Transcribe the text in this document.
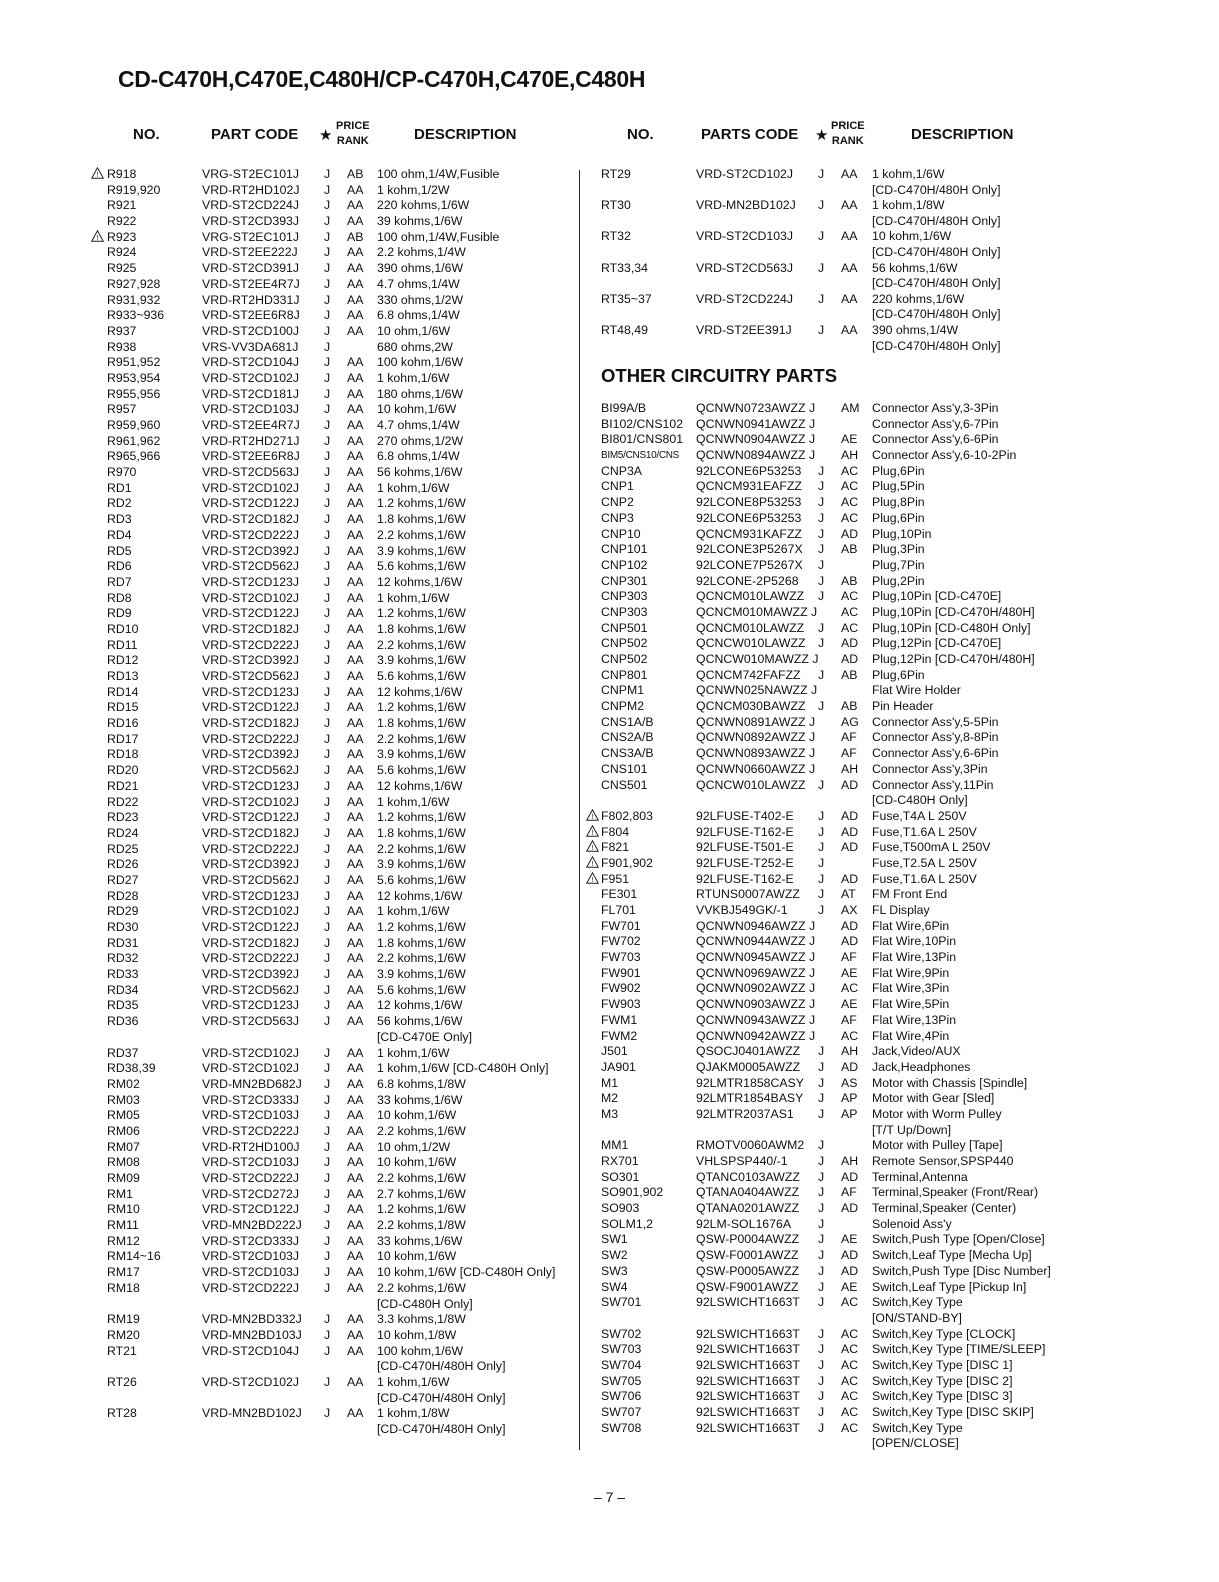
CD-C470H,C470E,C480H/CP-C470H,C470E,C480H
NO.	PART CODE ★
PRICE
RANK	DESCRIPTION	NO.	PARTS CODE ★
PRICE
RANK	DESCRIPTION
! R918	VRG-ST2EC101J J AB 100 ohm,1/4W,Fusible
R919,920	VRD-RT2HD102J J AA 1 kohm,1/2W
R921	VRD-ST2CD224J J AA 220 kohms,1/6W
R922	VRD-ST2CD393J J AA 39 kohms,1/6W
! R923	VRG-ST2EC101J J AB 100 ohm,1/4W,Fusible
R924	VRD-ST2EE222J J AA 2.2 kohms,1/4W
R925	VRD-ST2CD391J J AA 390 ohms,1/6W
R927,928	VRD-ST2EE4R7J J AA 4.7 ohms,1/4W
R931,932	VRD-RT2HD331J J AA 330 ohms,1/2W
R933~936	VRD-ST2EE6R8J J AA 6.8 ohms,1/4W
R937	VRD-ST2CD100J J AA 10 ohm,1/6W
R938	VRS-VV3DA681J J	680 ohms,2W
R951,952	VRD-ST2CD104J J AA 100 kohm,1/6W
R953,954	VRD-ST2CD102J J AA 1 kohm,1/6W
R955,956	VRD-ST2CD181J J AA 180 ohms,1/6W
R957	VRD-ST2CD103J J AA 10 kohm,1/6W
R959,960	VRD-ST2EE4R7J J AA 4.7 ohms,1/4W
R961,962	VRD-RT2HD271J J AA 270 ohms,1/2W
R965,966	VRD-ST2EE6R8J J AA 6.8 ohms,1/4W
R970	VRD-ST2CD563J J AA 56 kohms,1/6W
RD1	VRD-ST2CD102J J AA 1 kohm,1/6W
RD2	VRD-ST2CD122J J AA 1.2 kohms,1/6W
RD3	VRD-ST2CD182J J AA 1.8 kohms,1/6W
RD4	VRD-ST2CD222J J AA 2.2 kohms,1/6W
RD5	VRD-ST2CD392J J AA 3.9 kohms,1/6W
RD6	VRD-ST2CD562J J AA 5.6 kohms,1/6W
RD7	VRD-ST2CD123J J AA 12 kohms,1/6W
RD8	VRD-ST2CD102J J AA 1 kohm,1/6W
RD9	VRD-ST2CD122J J AA 1.2 kohms,1/6W
RD10	VRD-ST2CD182J J AA 1.8 kohms,1/6W
RD11	VRD-ST2CD222J J AA 2.2 kohms,1/6W
RD12	VRD-ST2CD392J J AA 3.9 kohms,1/6W
RD13	VRD-ST2CD562J J AA 5.6 kohms,1/6W
RD14	VRD-ST2CD123J J AA 12 kohms,1/6W
RD15	VRD-ST2CD122J J AA 1.2 kohms,1/6W
RD16	VRD-ST2CD182J J AA 1.8 kohms,1/6W
RD17	VRD-ST2CD222J J AA 2.2 kohms,1/6W
RD18	VRD-ST2CD392J J AA 3.9 kohms,1/6W
RD20	VRD-ST2CD562J J AA 5.6 kohms,1/6W
RD21	VRD-ST2CD123J J AA 12 kohms,1/6W
RD22	VRD-ST2CD102J J AA 1 kohm,1/6W
RD23	VRD-ST2CD122J J AA 1.2 kohms,1/6W
RD24	VRD-ST2CD182J J AA 1.8 kohms,1/6W
RD25	VRD-ST2CD222J J AA 2.2 kohms,1/6W
RD26	VRD-ST2CD392J J AA 3.9 kohms,1/6W
RD27	VRD-ST2CD562J J AA 5.6 kohms,1/6W
RD28	VRD-ST2CD123J J AA 12 kohms,1/6W
RD29	VRD-ST2CD102J J AA 1 kohm,1/6W
RD30	VRD-ST2CD122J J AA 1.2 kohms,1/6W
RD31	VRD-ST2CD182J J AA 1.8 kohms,1/6W
RD32	VRD-ST2CD222J J AA 2.2 kohms,1/6W
RD33	VRD-ST2CD392J J AA 3.9 kohms,1/6W
RD34	VRD-ST2CD562J J AA 5.6 kohms,1/6W
RD35	VRD-ST2CD123J J AA 12 kohms,1/6W
RD36	VRD-ST2CD563J J AA 56 kohms,1/6W
[CD-C470E Only]
RD37	VRD-ST2CD102J J AA 1 kohm,1/6W
RD38,39	VRD-ST2CD102J J AA 1 kohm,1/6W [CD-C480H Only]
RM02	VRD-MN2BD682J J AA 6.8 kohms,1/8W
RM03	VRD-ST2CD333J J AA 33 kohms,1/6W
RM05	VRD-ST2CD103J J AA 10 kohm,1/6W
RM06	VRD-ST2CD222J J AA 2.2 kohms,1/6W
RM07	VRD-RT2HD100J J AA 10 ohm,1/2W
RM08	VRD-ST2CD103J J AA 10 kohm,1/6W
RM09	VRD-ST2CD222J J AA 2.2 kohms,1/6W
RM1	VRD-ST2CD272J J AA 2.7 kohms,1/6W
RM10	VRD-ST2CD122J J AA 1.2 kohms,1/6W
RM11	VRD-MN2BD222J J AA 2.2 kohms,1/8W
RM12	VRD-ST2CD333J J AA 33 kohms,1/6W
RM14~16	VRD-ST2CD103J J AA 10 kohm,1/6W
RM17	VRD-ST2CD103J J AA 10 kohm,1/6W [CD-C480H Only]
RM18	VRD-ST2CD222J J AA 2.2 kohms,1/6W
[CD-C480H Only]
RM19	VRD-MN2BD332J J AA 3.3 kohms,1/8W
RM20	VRD-MN2BD103J J AA 10 kohm,1/8W
RT21	VRD-ST2CD104J J AA 100 kohm,1/6W
[CD-C470H/480H Only]
RT26	VRD-ST2CD102J J AA 1 kohm,1/6W
[CD-C470H/480H Only]
RT28	VRD-MN2BD102J J AA 1 kohm,1/8W
[CD-C470H/480H Only]
RT29	VRD-ST2CD102J J AA 1 kohm,1/6W
[CD-C470H/480H Only]
RT30	VRD-MN2BD102J J AA 1 kohm,1/8W
[CD-C470H/480H Only]
RT32	VRD-ST2CD103J J AA 10 kohm,1/6W
[CD-C470H/480H Only]
RT33,34	VRD-ST2CD563J J AA 56 kohms,1/6W
[CD-C470H/480H Only]
RT35~37	VRD-ST2CD224J J AA 220 kohms,1/6W
[CD-C470H/480H Only]
RT48,49	VRD-ST2EE391J J AA 390 ohms,1/4W
[CD-C470H/480H Only]
OTHER CIRCUITRY PARTS
BI99A/B	QCNWN0723AWZZ J AM Connector Ass'y,3-3Pin
BI102/CNS102 QCNWN0941AWZZ J	Connector Ass'y,6-7Pin
BI801/CNS801 QCNWN0904AWZZ J AE Connector Ass'y,6-6Pin
BIM5/CNS10/CNS QCNWN0894AWZZ J AH Connector Ass'y,6-10-2Pin
CNP3A	92LCONE6P53253 J AC Plug,6Pin
CNP1	QCNCM931EAFZZ J AC Plug,5Pin
CNP2	92LCONE8P53253 J AC Plug,8Pin
CNP3	92LCONE6P53253 J AC Plug,6Pin
CNP10	QCNCM931KAFZZ J AD Plug,10Pin
CNP101	92LCONE3P5267X J AB Plug,3Pin
CNP102	92LCONE7P5267X J	Plug,7Pin
CNP301	92LCONE-2P5268 J AB Plug,2Pin
CNP303	QCNCM010LAWZZ J AC Plug,10Pin [CD-C470E]
CNP303	QCNCM010MAWZZ J AC Plug,10Pin [CD-C470H/480H]
CNP501	QCNCM010LAWZZ J AC Plug,10Pin [CD-C480H Only]
CNP502	QCNCW010LAWZZ J AD Plug,12Pin [CD-C470E]
CNP502	QCNCW010MAWZZ J AD Plug,12Pin [CD-C470H/480H]
CNP801	QCNCM742FAFZZ J AB Plug,6Pin
CNPM1	QCNWN025NAWZZ J	Flat Wire Holder
CNPM2	QCNCM030BAWZZ J AB Pin Header
CNS1A/B	QCNWN0891AWZZ J AG Connector Ass'y,5-5Pin
CNS2A/B	QCNWN0892AWZZ J AF Connector Ass'y,8-8Pin
CNS3A/B	QCNWN0893AWZZ J AF Connector Ass'y,6-6Pin
CNS101	QCNWN0660AWZZ J AH Connector Ass'y,3Pin
CNS501	QCNCW010LAWZZ J AD Connector Ass'y,11Pin
[CD-C480H Only]
! F802,803	92LFUSE-T402-E J AD Fuse,T4A L 250V
! F804	92LFUSE-T162-E J AD Fuse,T1.6A L 250V
! F821	92LFUSE-T501-E J AD Fuse,T500mA L 250V
! F901,902	92LFUSE-T252-E J	Fuse,T2.5A L 250V
! F951	92LFUSE-T162-E J AD Fuse,T1.6A L 250V
FE301	RTUNS0007AWZZ J AT FM Front End
FL701	VVKBJ549GK/-1 J AX FL Display
FW701	QCNWN0946AWZZ J AD Flat Wire,6Pin
FW702	QCNWN0944AWZZ J AD Flat Wire,10Pin
FW703	QCNWN0945AWZZ J AF Flat Wire,13Pin
FW901	QCNWN0969AWZZ J AE Flat Wire,9Pin
FW902	QCNWN0902AWZZ J AC Flat Wire,3Pin
FW903	QCNWN0903AWZZ J AE Flat Wire,5Pin
FWM1	QCNWN0943AWZZ J AF Flat Wire,13Pin
FWM2	QCNWN0942AWZZ J AC Flat Wire,4Pin
J501	QSOCJ0401AWZZ J AH Jack,Video/AUX
JA901	QJAKM0005AWZZ J AD Jack,Headphones
M1	92LMTR1858CASY J AS Motor with Chassis [Spindle]
M2	92LMTR1854BASY J AP Motor with Gear [Sled]
M3	92LMTR2037AS1 J AP Motor with Worm Pulley
[T/T Up/Down]
MM1	RMOTV0060AWM2 J	Motor with Pulley [Tape]
RX701	VHLSPSP440/-1 J AH Remote Sensor,SPSP440
SO301	QTANC0103AWZZ J AD Terminal,Antenna
SO901,902	QTANA0404AWZZ J AF Terminal,Speaker (Front/Rear)
SO903	QTANA0201AWZZ J AD Terminal,Speaker (Center)
SOLM1,2	92LM-SOL1676A J	Solenoid Ass'y
SW1	QSW-P0004AWZZ J AE Switch,Push Type [Open/Close]
SW2	QSW-F0001AWZZ J AD Switch,Leaf Type [Mecha Up]
SW3	QSW-P0005AWZZ J AD Switch,Push Type [Disc Number]
SW4	QSW-F9001AWZZ J AE Switch,Leaf Type [Pickup In]
SW701	92LSWICHT1663T J AC Switch,Key Type
[ON/STAND-BY]
SW702	92LSWICHT1663T J AC Switch,Key Type [CLOCK]
SW703	92LSWICHT1663T J AC Switch,Key Type [TIME/SLEEP]
SW704	92LSWICHT1663T J AC Switch,Key Type [DISC 1]
SW705	92LSWICHT1663T J AC Switch,Key Type [DISC 2]
SW706	92LSWICHT1663T J AC Switch,Key Type [DISC 3]
SW707	92LSWICHT1663T J AC Switch,Key Type [DISC SKIP]
SW708	92LSWICHT1663T J AC Switch,Key Type
[OPEN/CLOSE]
– 7 –
